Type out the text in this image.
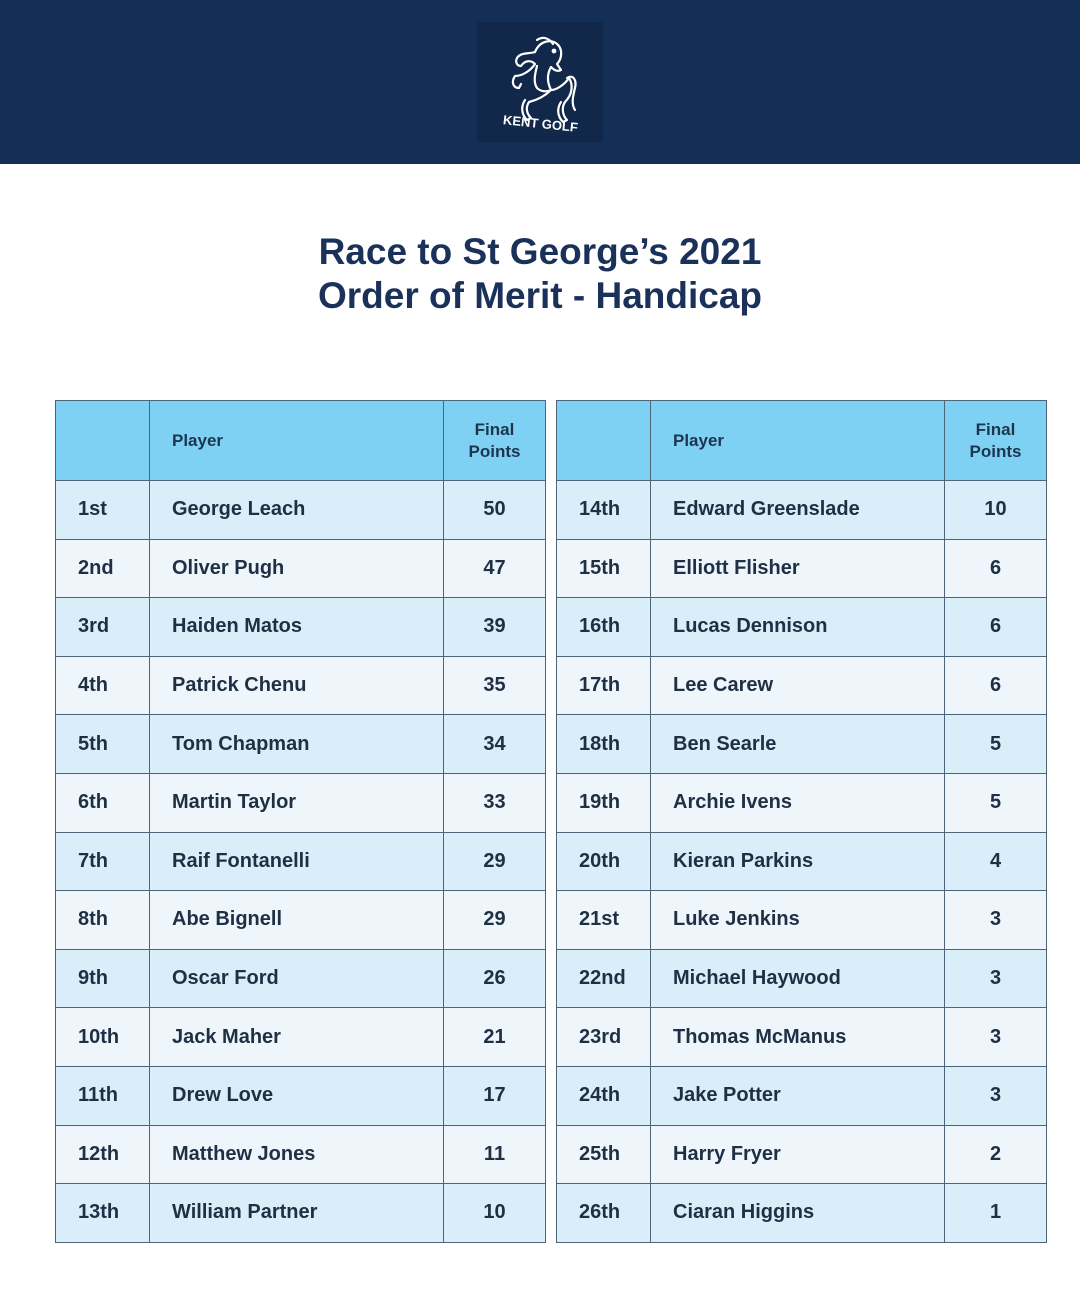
KENT GOLF
Race to St George’s 2021
Order of Merit - Handicap
	Player	Final
Points

1st	George Leach	50
2nd	Oliver Pugh	47
3rd	Haiden Matos	39
4th	Patrick Chenu	35
5th	Tom Chapman	34
6th	Martin Taylor	33
7th	Raif Fontanelli	29
8th	Abe Bignell	29
9th	Oscar Ford	26
10th	Jack Maher	21
11th	Drew Love	17
12th	Matthew Jones	11
13th	William Partner	10
	Player	Final
Points

14th	Edward Greenslade	10
15th	Elliott Flisher	6
16th	Lucas Dennison	6
17th	Lee Carew	6
18th	Ben Searle	5
19th	Archie Ivens	5
20th	Kieran Parkins	4
21st	Luke Jenkins	3
22nd	Michael Haywood	3
23rd	Thomas McManus	3
24th	Jake Potter	3
25th	Harry Fryer	2
26th	Ciaran Higgins	1
